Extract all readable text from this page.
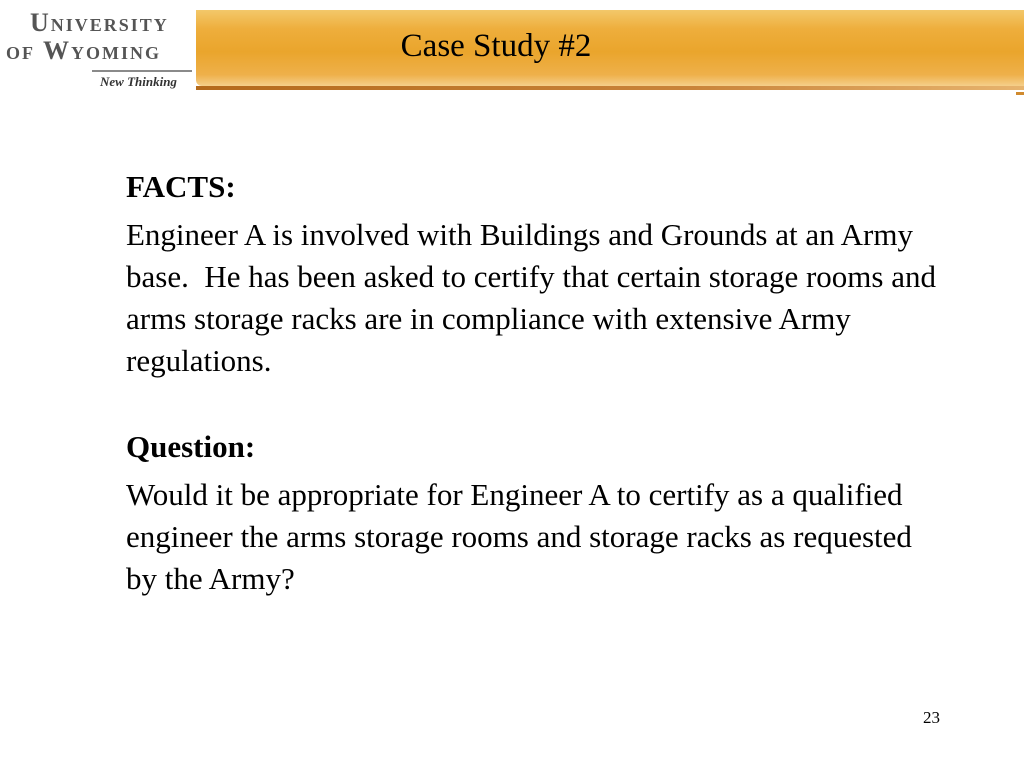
University
of Wyoming
New Thinking
Case Study #2

FACTS:

Engineer A is involved with Buildings and Grounds at an Army base.  He has been asked to certify that certain storage rooms and arms storage racks are in compliance with extensive Army regulations.

Question:

Would it be appropriate for Engineer A to certify as a qualified engineer the arms storage rooms and storage racks as requested by the Army?

23
